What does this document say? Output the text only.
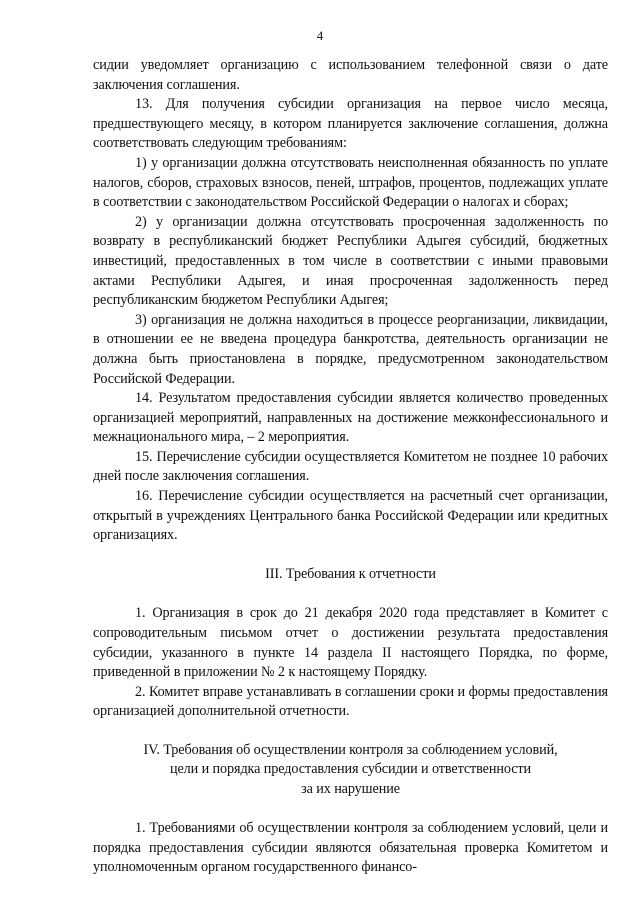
4

сидии уведомляет организацию с использованием телефонной связи о дате заключения соглашения.

13. Для получения субсидии организация на первое число месяца, предшествующего месяцу, в котором планируется заключение соглашения, должна соответствовать следующим требованиям:

1) у организации должна отсутствовать неисполненная обязанность по уплате налогов, сборов, страховых взносов, пеней, штрафов, процентов, подлежащих уплате в соответствии с законодательством Российской Федерации о налогах и сборах;

2) у организации должна отсутствовать просроченная задолженность по возврату в республиканский бюджет Республики Адыгея субсидий, бюджетных инвестиций, предоставленных в том числе в соответствии с иными правовыми актами Республики Адыгея, и иная просроченная задолженность перед республиканским бюджетом Республики Адыгея;

3) организация не должна находиться в процессе реорганизации, ликвидации, в отношении ее не введена процедура банкротства, деятельность организации не должна быть приостановлена в порядке, предусмотренном законодательством Российской Федерации.

14. Результатом предоставления субсидии является количество проведенных организацией мероприятий, направленных на достижение межконфессионального и межнационального мира, – 2 мероприятия.

15. Перечисление субсидии осуществляется Комитетом не позднее 10 рабочих дней после заключения соглашения.

16. Перечисление субсидии осуществляется на расчетный счет организации, открытый в учреждениях Центрального банка Российской Федерации или кредитных организациях.

III. Требования к отчетности

1. Организация в срок до 21 декабря 2020 года представляет в Комитет с сопроводительным письмом отчет о достижении результата предоставления субсидии, указанного в пункте 14 раздела II настоящего Порядка, по форме, приведенной в приложении № 2 к настоящему Порядку.

2. Комитет вправе устанавливать в соглашении сроки и формы предоставления организацией дополнительной отчетности.

IV. Требования об осуществлении контроля за соблюдением условий,
цели и порядка предоставления субсидии и ответственности
за их нарушение

1. Требованиями об осуществлении контроля за соблюдением условий, цели и порядка предоставления субсидии являются обязательная проверка Комитетом и уполномоченным органом государственного финансо-
